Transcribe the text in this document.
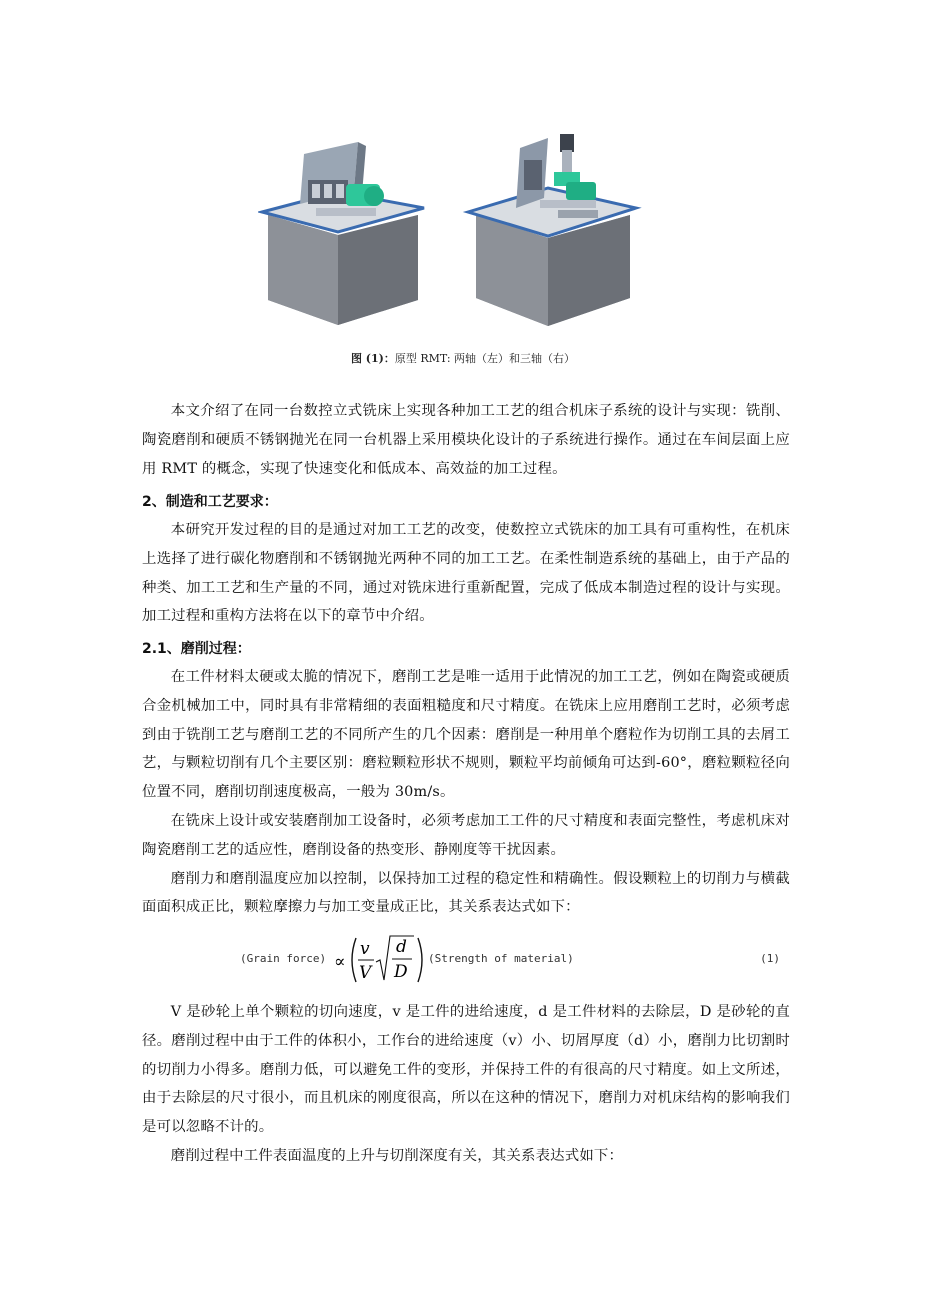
图 (1)：原型 RMT: 两轴（左）和三轴（右）

本文介绍了在同一台数控立式铣床上实现各种加工工艺的组合机床子系统的设计与实现：铣削、陶瓷磨削和硬质不锈钢抛光在同一台机器上采用模块化设计的子系统进行操作。通过在车间层面上应用 RMT 的概念，实现了快速变化和低成本、高效益的加工过程。

2、制造和工艺要求：

本研究开发过程的目的是通过对加工工艺的改变，使数控立式铣床的加工具有可重构性，在机床上选择了进行碳化物磨削和不锈钢抛光两种不同的加工工艺。在柔性制造系统的基础上，由于产品的种类、加工工艺和生产量的不同，通过对铣床进行重新配置，完成了低成本制造过程的设计与实现。加工过程和重构方法将在以下的章节中介绍。

2.1、磨削过程：

在工件材料太硬或太脆的情况下，磨削工艺是唯一适用于此情况的加工工艺，例如在陶瓷或硬质合金机械加工中，同时具有非常精细的表面粗糙度和尺寸精度。在铣床上应用磨削工艺时，必须考虑到由于铣削工艺与磨削工艺的不同所产生的几个因素：磨削是一种用单个磨粒作为切削工具的去屑工艺，与颗粒切削有几个主要区别：磨粒颗粒形状不规则，颗粒平均前倾角可达到-60°，磨粒颗粒径向位置不同，磨削切削速度极高，一般为 30m/s。

在铣床上设计或安装磨削加工设备时，必须考虑加工工件的尺寸精度和表面完整性，考虑机床对陶瓷磨削工艺的适应性，磨削设备的热变形、静刚度等干扰因素。

磨削力和磨削温度应加以控制，以保持加工过程的稳定性和精确性。假设颗粒上的切削力与横截面面积成正比，颗粒摩擦力与加工变量成正比，其关系表达式如下：

(Grain force) ∝
v
V
d
D
(Strength of material)	(1)

V 是砂轮上单个颗粒的切向速度，v 是工件的进给速度，d 是工件材料的去除层，D 是砂轮的直径。磨削过程中由于工件的体积小，工作台的进给速度（v）小、切屑厚度（d）小，磨削力比切割时的切削力小得多。磨削力低，可以避免工件的变形，并保持工件的有很高的尺寸精度。如上文所述，由于去除层的尺寸很小，而且机床的刚度很高，所以在这种的情况下，磨削力对机床结构的影响我们是可以忽略不计的。

磨削过程中工件表面温度的上升与切削深度有关，其关系表达式如下：
